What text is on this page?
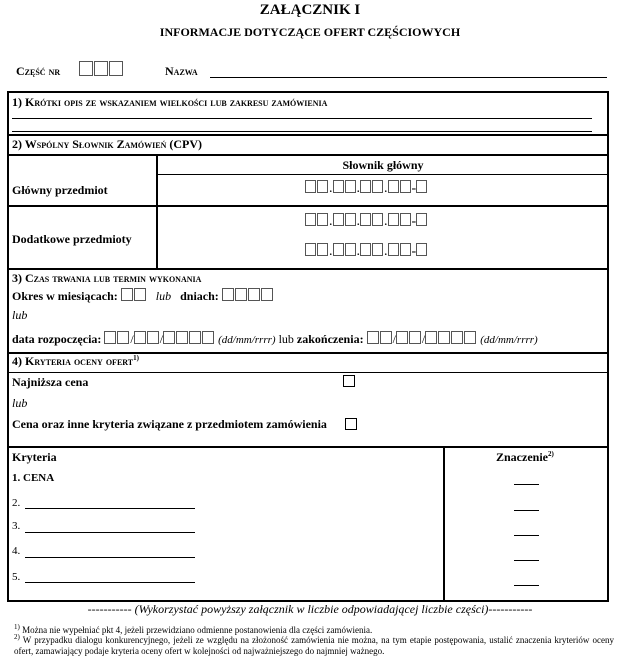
ZAŁĄCZNIK I
INFORMACJE DOTYCZĄCE OFERT CZĘŚCIOWYCH
Część nr	Nazwa
1) Krótki opis ze wskazaniem wielkości lub zakresu zamówienia
2) Wspólny Słownik Zamówień (CPV)
Słownik główny
Główny przedmiot	. . . -
Dodatkowe przedmioty
. . . -
. . . -
3) Czas trwania lub termin wykonania
Okres w miesiącach:	lub dniach:
lub
data rozpoczęcia: / /	(dd/mm/rrrr) lub zakończenia: / /	(dd/mm/rrrr)
4) Kryteria oceny ofert$^{1)}$
Najniższa cena
lub
Cena oraz inne kryteria związane z przedmiotem zamówienia
Kryteria	Znaczenie$^{2)}$
1. CENA
2.
3.
4.
5.
----------- (Wykorzystać powyższy załącznik w liczbie odpowiadającej liczbie części)-----------
$^{1)}$ Można nie wypełniać pkt 4, jeżeli przewidziano odmienne postanowienia dla części zamówienia.
$^{2)}$ W przypadku dialogu konkurencyjnego, jeżeli ze względu na złożoność zamówienia nie można, na tym etapie postępowania, ustalić znaczenia kryteriów oceny ofert, zamawiający podaje kryteria oceny ofert w kolejności od najważniejszego do najmniej ważnego.
